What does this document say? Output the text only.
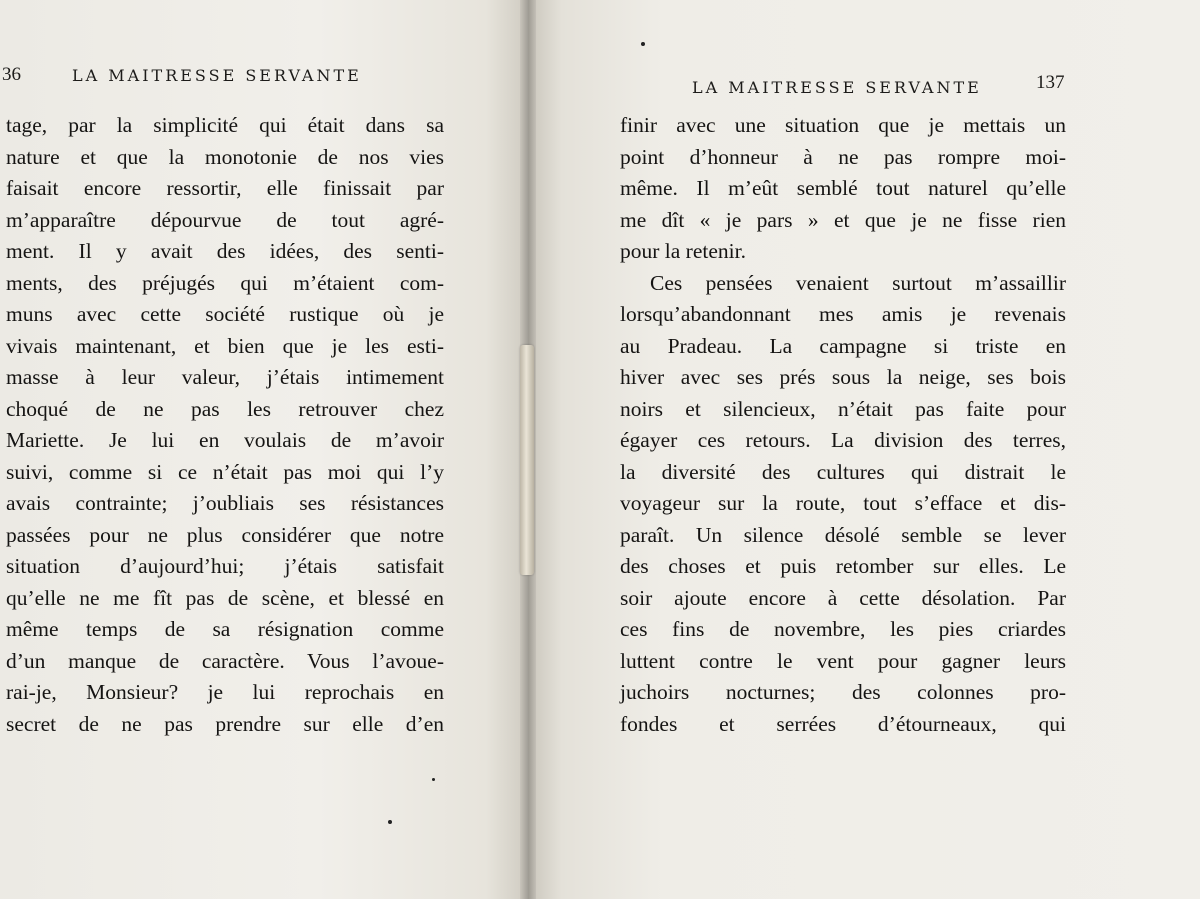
36	LA MAITRESSE SERVANTE
tage, par la simplicité qui était dans sa
nature et que la monotonie de nos vies
faisait encore ressortir, elle finissait par
m’apparaître dépourvue de tout agré-
ment. Il y avait des idées, des senti-
ments, des préjugés qui m’étaient com-
muns avec cette société rustique où je
vivais maintenant, et bien que je les esti-
masse à leur valeur, j’étais intimement
choqué de ne pas les retrouver chez
Mariette. Je lui en voulais de m’avoir
suivi, comme si ce n’était pas moi qui l’y
avais contrainte; j’oubliais ses résistances
passées pour ne plus considérer que notre
situation d’aujourd’hui; j’étais satisfait
qu’elle ne me fît pas de scène, et blessé en
même temps de sa résignation comme
d’un manque de caractère. Vous l’avoue-
rai-je, Monsieur? je lui reprochais en
secret de ne pas prendre sur elle d’en
LA MAITRESSE SERVANTE	137
finir avec une situation que je mettais un
point d’honneur à ne pas rompre moi-
même. Il m’eût semblé tout naturel qu’elle
me dît « je pars » et que je ne fisse rien
pour la retenir.
Ces pensées venaient surtout m’assaillir
lorsqu’abandonnant mes amis je revenais
au Pradeau. La campagne si triste en
hiver avec ses prés sous la neige, ses bois
noirs et silencieux, n’était pas faite pour
égayer ces retours. La division des terres,
la diversité des cultures qui distrait le
voyageur sur la route, tout s’efface et dis-
paraît. Un silence désolé semble se lever
des choses et puis retomber sur elles. Le
soir ajoute encore à cette désolation. Par
ces fins de novembre, les pies criardes
luttent contre le vent pour gagner leurs
juchoirs nocturnes; des colonnes pro-
fondes et serrées d’étourneaux, qui
